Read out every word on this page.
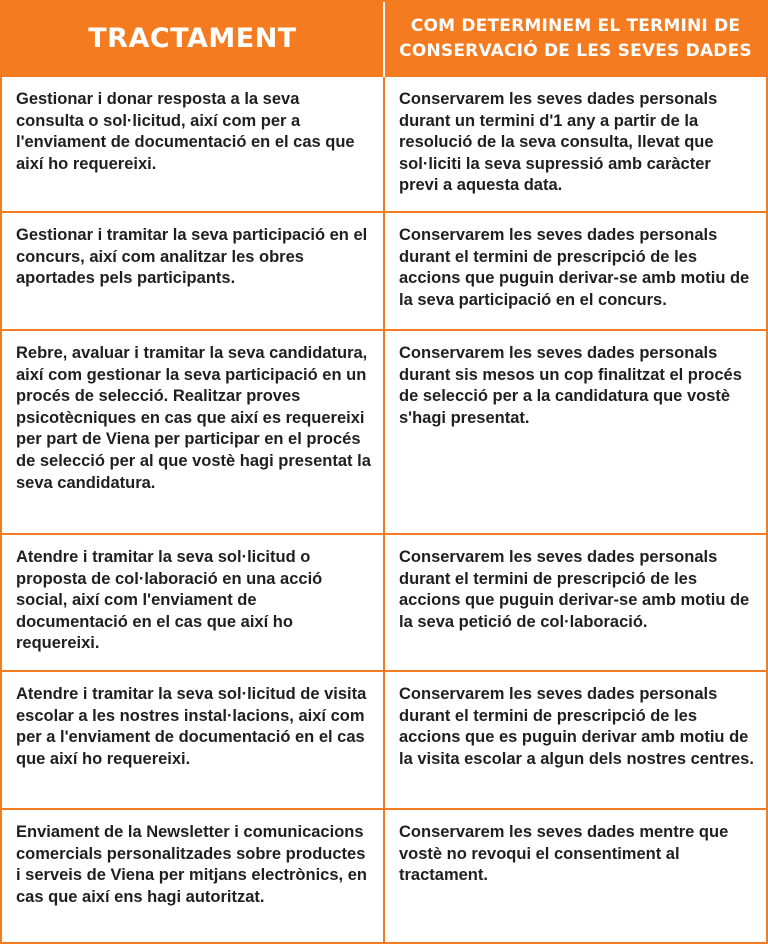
TRACTAMENT	COM DETERMINEM EL TERMINI DE CONSERVACIÓ DE LES SEVES DADES
Gestionar i donar resposta a la seva consulta o sol·licitud, així com per a l'enviament de documentació en el cas que així ho requereixi.	Conservarem les seves dades personals durant un termini d'1 any a partir de la resolució de la seva consulta, llevat que sol·liciti la seva supressió amb caràcter previ a aquesta data.
Gestionar i tramitar la seva participació en el concurs, així com analitzar les obres aportades pels participants.	Conservarem les seves dades personals durant el termini de prescripció de les accions que puguin derivar-se amb motiu de la seva participació en el concurs.
Rebre, avaluar i tramitar la seva candidatura, així com gestionar la seva participació en un procés de selecció. Realitzar proves psicotècniques en cas que així es requereixi per part de Viena per participar en el procés de selecció per al que vostè hagi presentat la seva candidatura.	Conservarem les seves dades personals durant sis mesos un cop finalitzat el procés de selecció per a la candidatura que vostè s'hagi presentat.
Atendre i tramitar la seva sol·licitud o proposta de col·laboració en una acció social, així com l'enviament de documentació en el cas que així ho requereixi.	Conservarem les seves dades personals durant el termini de prescripció de les accions que puguin derivar-se amb motiu de la seva petició de col·laboració.
Atendre i tramitar la seva sol·licitud de visita escolar a les nostres instal·lacions, així com per a l'enviament de documentació en el cas que així ho requereixi.	Conservarem les seves dades personals durant el termini de prescripció de les accions que es puguin derivar amb motiu de la visita escolar a algun dels nostres centres.
Enviament de la Newsletter i comunicacions comercials personalitzades sobre productes i serveis de Viena per mitjans electrònics, en cas que així ens hagi autoritzat.	Conservarem les seves dades mentre que vostè no revoqui el consentiment al tractament.
